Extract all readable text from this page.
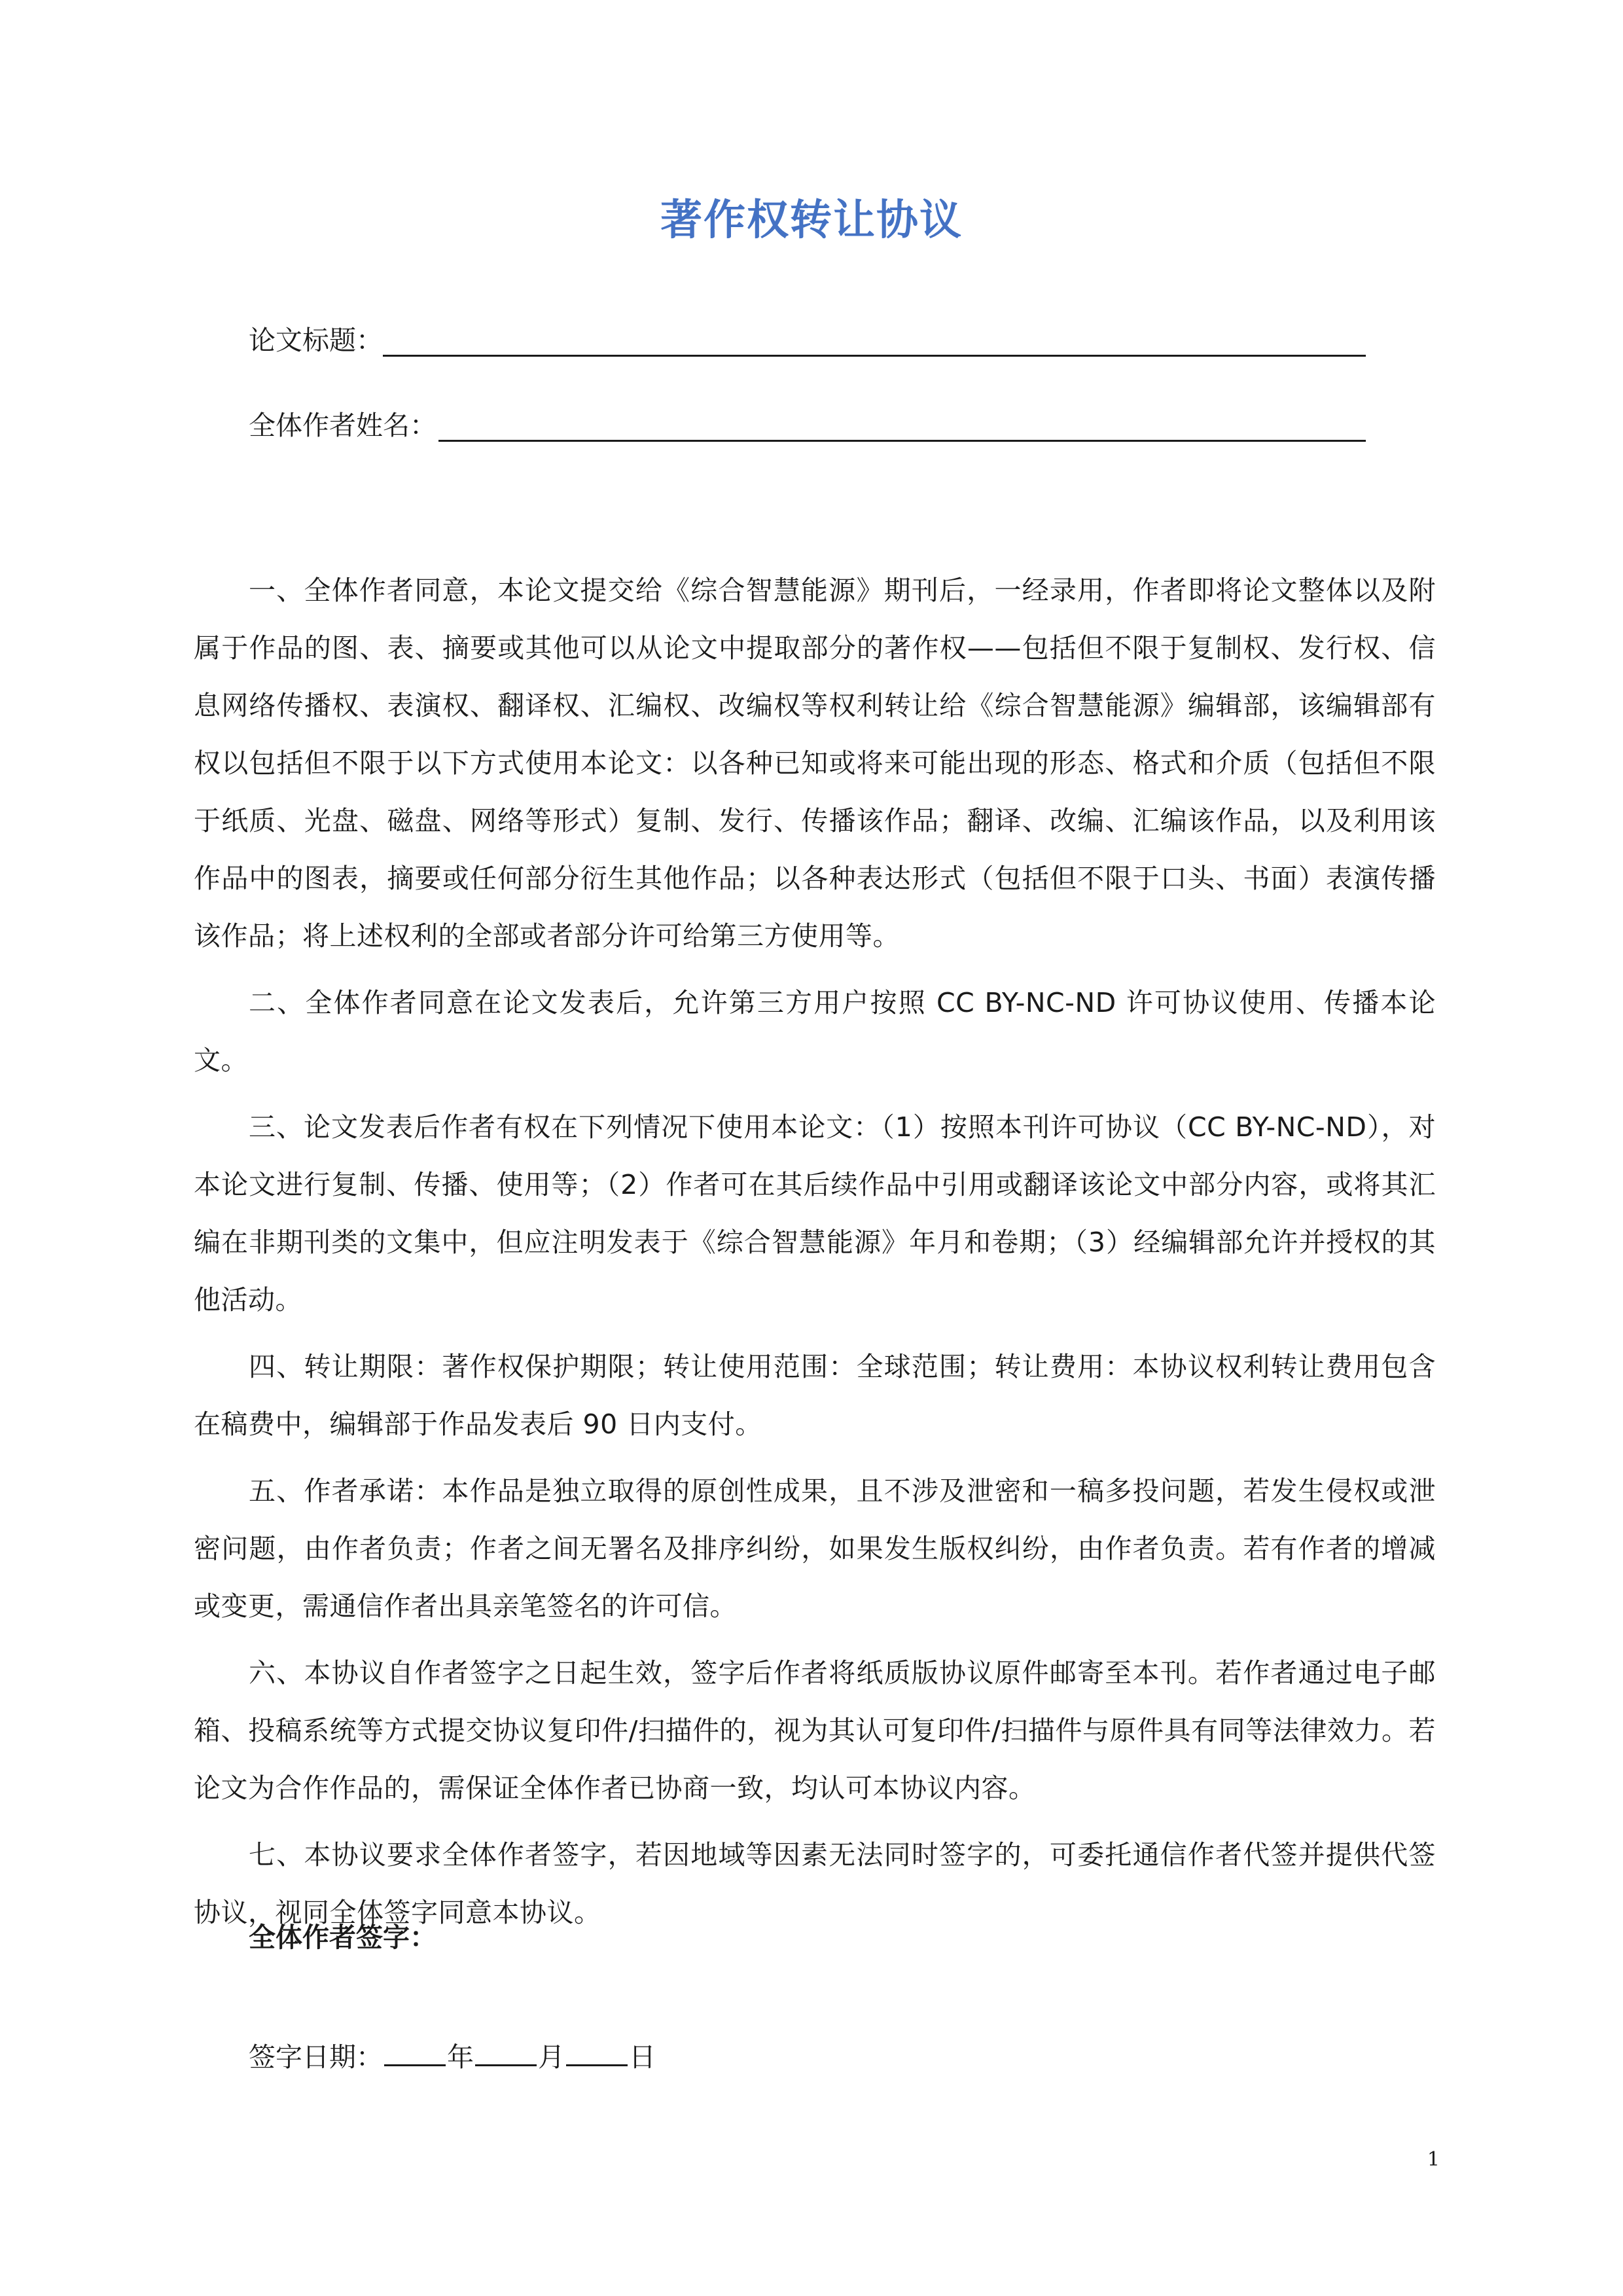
著作权转让协议
论文标题：
全体作者姓名：

一、全体作者同意，本论文提交给《综合智慧能源》期刊后，一经录用，作者即将论文整体以及附属于作品的图、表、摘要或其他可以从论文中提取部分的著作权——包括但不限于复制权、发行权、信息网络传播权、表演权、翻译权、汇编权、改编权等权利转让给《综合智慧能源》编辑部，该编辑部有权以包括但不限于以下方式使用本论文：以各种已知或将来可能出现的形态、格式和介质（包括但不限于纸质、光盘、磁盘、网络等形式）复制、发行、传播该作品；翻译、改编、汇编该作品，以及利用该作品中的图表，摘要或任何部分衍生其他作品；以各种表达形式（包括但不限于口头、书面）表演传播该作品；将上述权利的全部或者部分许可给第三方使用等。

二、全体作者同意在论文发表后，允许第三方用户按照 CC BY-NC-ND 许可协议使用、传播本论文。

三、论文发表后作者有权在下列情况下使用本论文：（1）按照本刊许可协议（CC BY-NC-ND），对本论文进行复制、传播、使用等；（2）作者可在其后续作品中引用或翻译该论文中部分内容，或将其汇编在非期刊类的文集中，但应注明发表于《综合智慧能源》年月和卷期；（3）经编辑部允许并授权的其他活动。

四、转让期限：著作权保护期限；转让使用范围：全球范围；转让费用：本协议权利转让费用包含在稿费中，编辑部于作品发表后 90 日内支付。

五、作者承诺：本作品是独立取得的原创性成果，且不涉及泄密和一稿多投问题，若发生侵权或泄密问题，由作者负责；作者之间无署名及排序纠纷，如果发生版权纠纷，由作者负责。若有作者的增减或变更，需通信作者出具亲笔签名的许可信。

六、本协议自作者签字之日起生效，签字后作者将纸质版协议原件邮寄至本刊。若作者通过电子邮箱、投稿系统等方式提交协议复印件/扫描件的，视为其认可复印件/扫描件与原件具有同等法律效力。若论文为合作作品的，需保证全体作者已协商一致，均认可本协议内容。

七、本协议要求全体作者签字，若因地域等因素无法同时签字的，可委托通信作者代签并提供代签协议，视同全体签字同意本协议。

全体作者签字：
签字日期： 年 月 日
1
